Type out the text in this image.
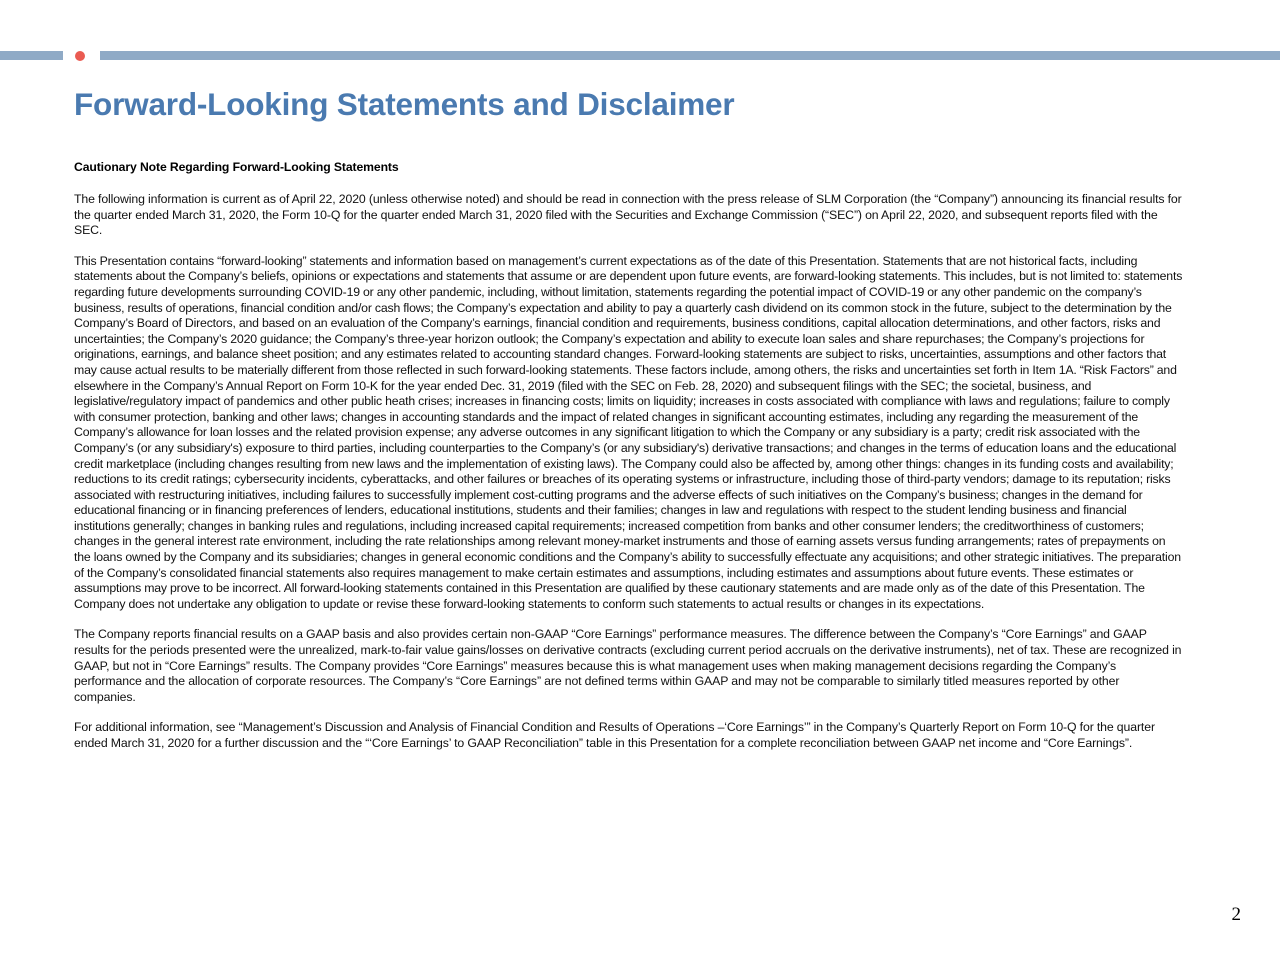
Forward-Looking Statements and Disclaimer

Cautionary Note Regarding Forward-Looking Statements

The following information is current as of April 22, 2020 (unless otherwise noted) and should be read in connection with the press release of SLM Corporation (the “Company”) announcing its financial results for the quarter ended March 31, 2020, the Form 10-Q for the quarter ended March 31, 2020 filed with the Securities and Exchange Commission (“SEC”) on April 22, 2020, and subsequent reports filed with the SEC.

This Presentation contains “forward-looking” statements and information based on management’s current expectations as of the date of this Presentation. Statements that are not historical facts, including statements about the Company’s beliefs, opinions or expectations and statements that assume or are dependent upon future events, are forward-looking statements. This includes, but is not limited to: statements regarding future developments surrounding COVID-19 or any other pandemic, including, without limitation, statements regarding the potential impact of COVID-19 or any other pandemic on the company’s business, results of operations, financial condition and/or cash flows; the Company’s expectation and ability to pay a quarterly cash dividend on its common stock in the future, subject to the determination by the Company’s Board of Directors, and based on an evaluation of the Company’s earnings, financial condition and requirements, business conditions, capital allocation determinations, and other factors, risks and uncertainties; the Company’s 2020 guidance; the Company’s three-year horizon outlook; the Company’s expectation and ability to execute loan sales and share repurchases; the Company’s projections for originations, earnings, and balance sheet position; and any estimates related to accounting standard changes. Forward-looking statements are subject to risks, uncertainties, assumptions and other factors that may cause actual results to be materially different from those reflected in such forward-looking statements. These factors include, among others, the risks and uncertainties set forth in Item 1A. “Risk Factors” and elsewhere in the Company’s Annual Report on Form 10-K for the year ended Dec. 31, 2019 (filed with the SEC on Feb. 28, 2020) and subsequent filings with the SEC; the societal, business, and legislative/regulatory impact of pandemics and other public heath crises; increases in financing costs; limits on liquidity; increases in costs associated with compliance with laws and regulations; failure to comply with consumer protection, banking and other laws; changes in accounting standards and the impact of related changes in significant accounting estimates, including any regarding the measurement of the Company’s allowance for loan losses and the related provision expense; any adverse outcomes in any significant litigation to which the Company or any subsidiary is a party; credit risk associated with the Company’s (or any subsidiary's) exposure to third parties, including counterparties to the Company’s (or any subsidiary's) derivative transactions; and changes in the terms of education loans and the educational credit marketplace (including changes resulting from new laws and the implementation of existing laws). The Company could also be affected by, among other things: changes in its funding costs and availability; reductions to its credit ratings; cybersecurity incidents, cyberattacks, and other failures or breaches of its operating systems or infrastructure, including those of third-party vendors; damage to its reputation; risks associated with restructuring initiatives, including failures to successfully implement cost-cutting programs and the adverse effects of such initiatives on the Company’s business; changes in the demand for educational financing or in financing preferences of lenders, educational institutions, students and their families; changes in law and regulations with respect to the student lending business and financial institutions generally; changes in banking rules and regulations, including increased capital requirements; increased competition from banks and other consumer lenders; the creditworthiness of customers; changes in the general interest rate environment, including the rate relationships among relevant money-market instruments and those of earning assets versus funding arrangements; rates of prepayments on the loans owned by the Company and its subsidiaries; changes in general economic conditions and the Company’s ability to successfully effectuate any acquisitions; and other strategic initiatives. The preparation of the Company’s consolidated financial statements also requires management to make certain estimates and assumptions, including estimates and assumptions about future events. These estimates or assumptions may prove to be incorrect. All forward-looking statements contained in this Presentation are qualified by these cautionary statements and are made only as of the date of this Presentation. The Company does not undertake any obligation to update or revise these forward-looking statements to conform such statements to actual results or changes in its expectations.

The Company reports financial results on a GAAP basis and also provides certain non-GAAP “Core Earnings” performance measures. The difference between the Company’s “Core Earnings” and GAAP results for the periods presented were the unrealized, mark-to-fair value gains/losses on derivative contracts (excluding current period accruals on the derivative instruments), net of tax. These are recognized in GAAP, but not in “Core Earnings” results. The Company provides “Core Earnings” measures because this is what management uses when making management decisions regarding the Company’s performance and the allocation of corporate resources. The Company’s “Core Earnings” are not defined terms within GAAP and may not be comparable to similarly titled measures reported by other companies.

For additional information, see “Management’s Discussion and Analysis of Financial Condition and Results of Operations –‘Core Earnings’” in the Company’s Quarterly Report on Form 10-Q for the quarter ended March 31, 2020 for a further discussion and the “‘Core Earnings’ to GAAP Reconciliation” table in this Presentation for a complete reconciliation between GAAP net income and “Core Earnings”.

2
